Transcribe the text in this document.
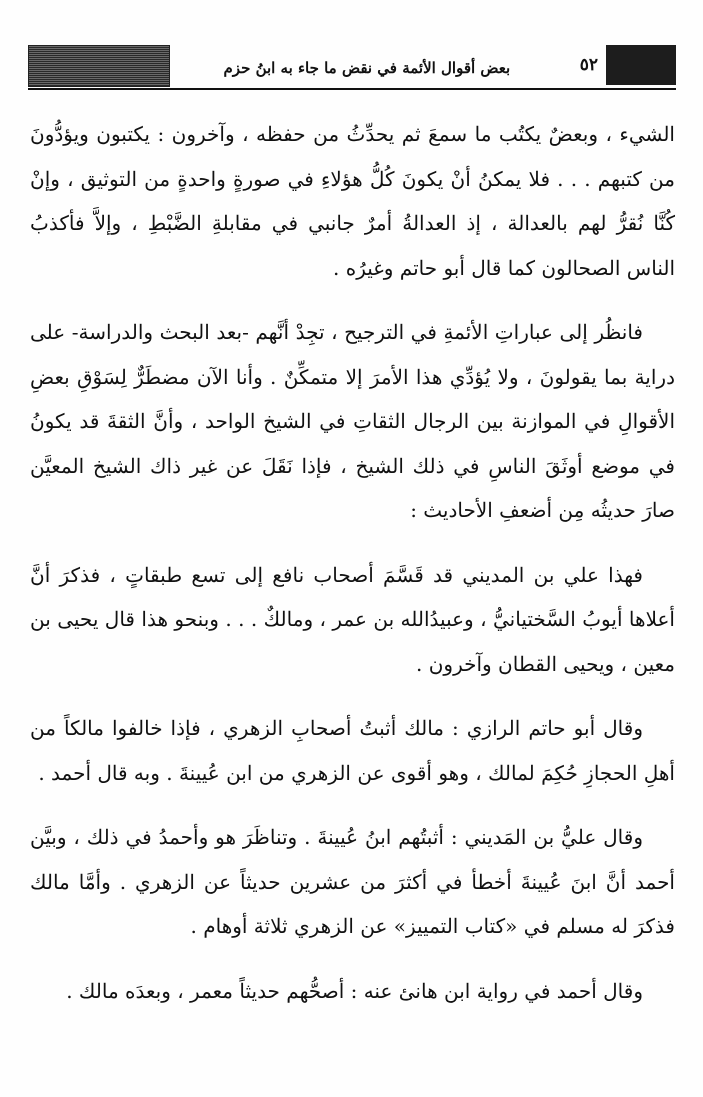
بعض أقوال الأئمة في نقض ما جاء به ابنُ حزم	٥٢

الشيء ، وبعضٌ يكتُب ما سمعَ ثم يحدِّثُ من حفظه ، وآخرون : يكتبون ويؤدُّونَ من كتبهم . . . فلا يمكنُ أنْ يكونَ كُلُّ هؤلاءِ في صورةٍ واحدةٍ من التوثيق ، وإنْ كُنَّا نُقرُّ لهم بالعدالة ، إذ العدالةُ أمرٌ جانبي في مقابلةِ الضَّبْطِ ، وإلاَّ فأكذبُ الناس الصحالون كما قال أبو حاتم وغيرُه .

فانظُر إلى عباراتِ الأئمةِ في الترجيح ، تجِدْ أنَّهم -بعد البحث والدراسة- على دراية بما يقولونَ ، ولا يُؤدِّي هذا الأمرَ إلا متمكِّنٌ . وأنا الآن مضطَرٌّ لِسَوْقِ بعضِ الأقوالِ في الموازنة بين الرجال الثقاتِ في الشيخ الواحد ، وأنَّ الثقةَ قد يكونُ في موضع أوثَقَ الناسِ في ذلك الشيخ ، فإذا نَقَلَ عن غير ذاك الشيخ المعيَّن صارَ حديثُه مِن أضعفِ الأحاديث :

فهذا علي بن المديني قد قَسَّمَ أصحاب نافع إلى تسع طبقاتٍ ، فذكرَ أنَّ أعلاها أيوبُ السَّختيانيُّ ، وعبيدُالله بن عمر ، ومالكٌ . . . وبنحو هذا قال يحيى بن معين ، ويحيى القطان وآخرون .

وقال أبو حاتم الرازي : مالك أثبتُ أصحابِ الزهري ، فإذا خالفوا مالكاً من أهلِ الحجازِ حُكِمَ لمالك ، وهو أقوى عن الزهري من ابن عُيينةَ . وبه قال أحمد .

وقال عليُّ بن المَديني : أثبتُهم ابنُ عُيينةَ . وتناظَرَ هو وأحمدُ في ذلك ، وبيَّن أحمد أنَّ ابنَ عُيينةَ أخطأ في أكثرَ من عشرين حديثاً عن الزهري . وأمَّا مالك فذكرَ له مسلم في «كتاب التمييز» عن الزهري ثلاثة أوهام .

وقال أحمد في رواية ابن هانئ عنه : أصحُّهم حديثاً معمر ، وبعدَه مالك .
